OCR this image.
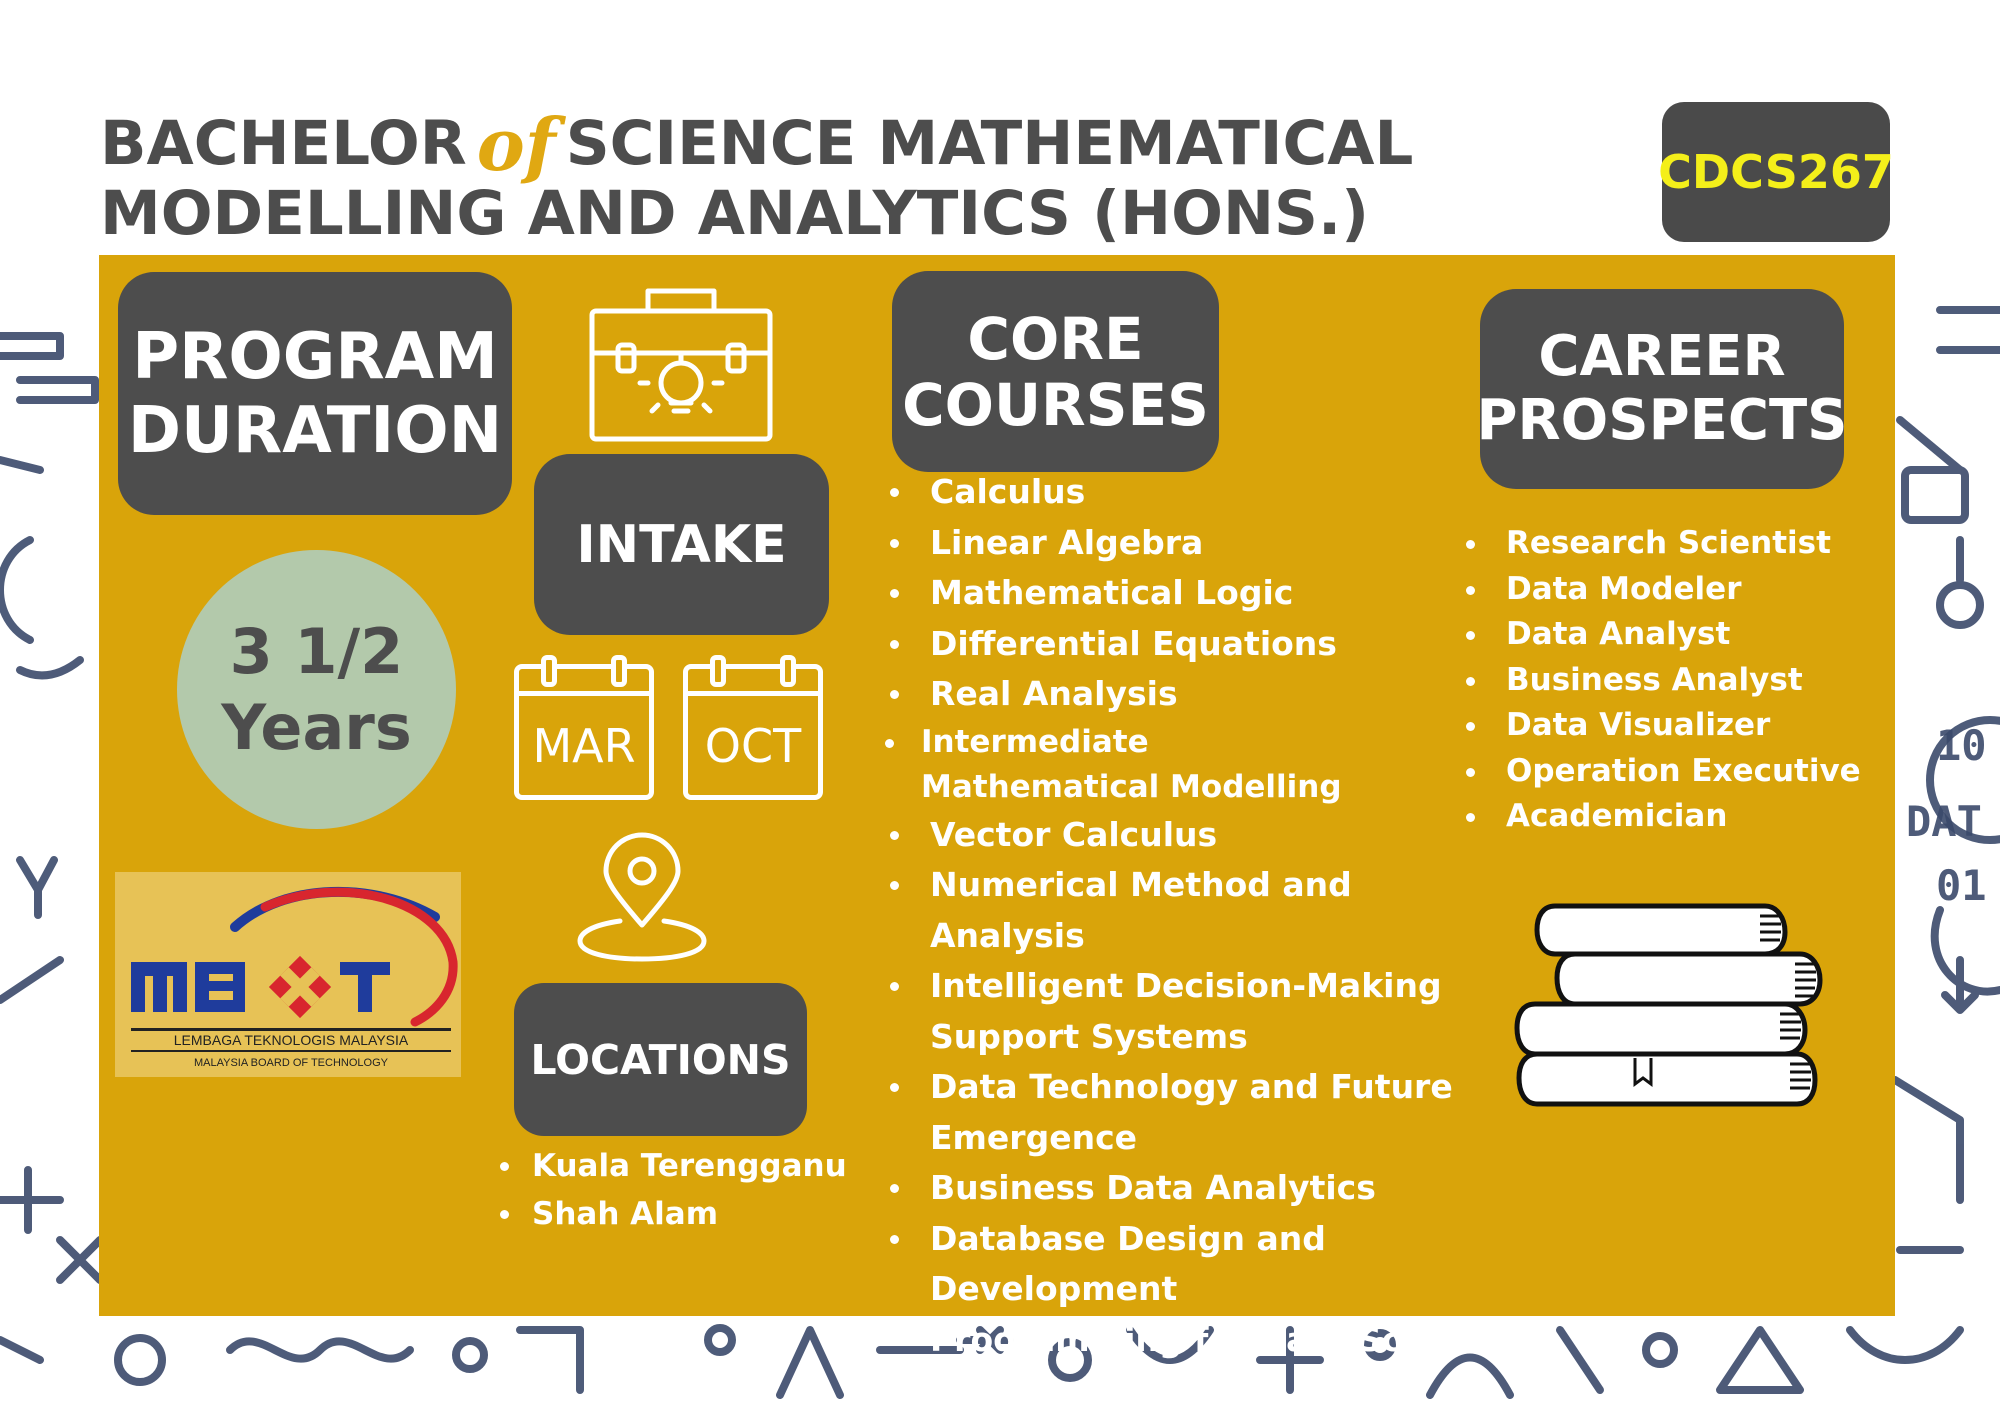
10
DAT
01
BACHELOR of SCIENCE MATHEMATICAL
MODELLING AND ANALYTICS (HONS.)
CDCS267
PROGRAM
DURATION
3 1/2
Years
LEMBAGA TEKNOLOGIS MALAYSIA
MALAYSIA BOARD OF TECHNOLOGY
INTAKE
MAR	OCT
LOCATIONS
Kuala Terengganu
Shah Alam
CORE
COURSES
Calculus
Linear Algebra
Mathematical Logic
Differential Equations
Real Analysis
Intermediate Mathematical Modelling
Vector Calculus
Numerical Method and Analysis
Intelligent Decision-Making Support Systems
Data Technology and Future Emergence
Business Data Analytics
Database Design and Development
Programming for Data Science
CAREER
PROSPECTS
Research Scientist
Data Modeler
Data Analyst
Business Analyst
Data Visualizer
Operation Executive
Academician
